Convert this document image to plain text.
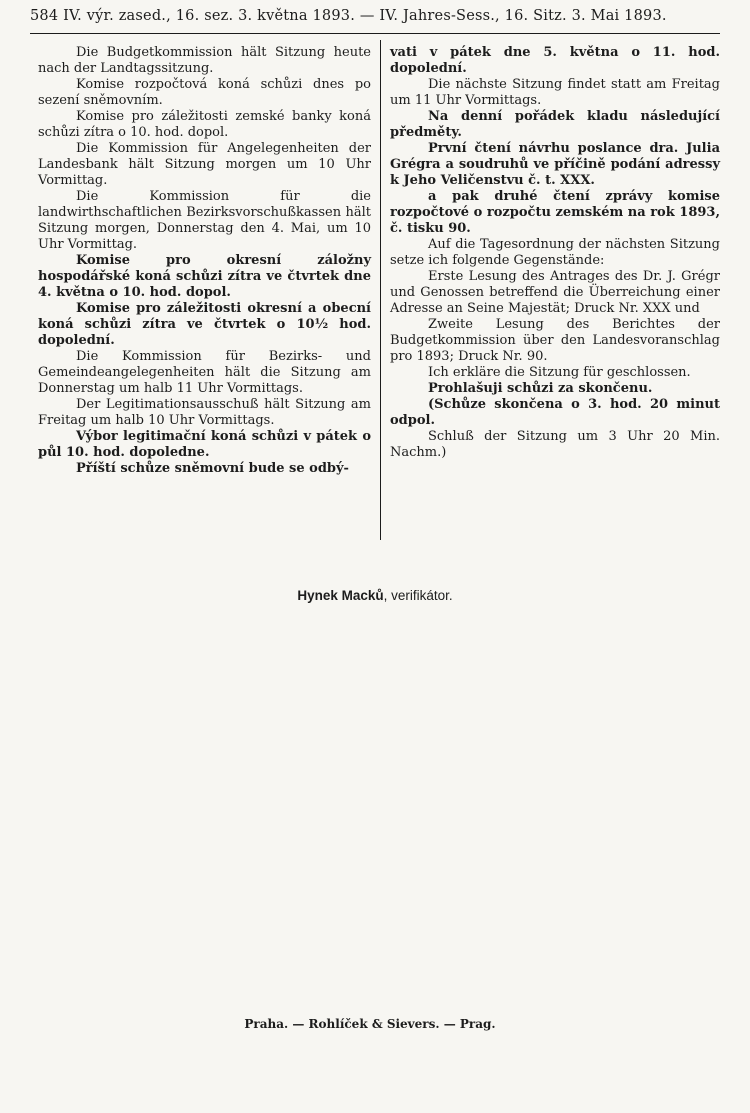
584 IV. výr. zased., 16. sez. 3. května 1893. — IV. Jahres-Sess., 16. Sitz. 3. Mai 1893.

Die Budgetkommission hält Sitzung heute nach der Landtagssitzung.

Komise rozpočtová koná schůzi dnes po sezení sněmovním.

Komise pro záležitosti zemské banky koná schůzi zítra o 10. hod. dopol.

Die Kommission für Angelegenheiten der Landesbank hält Sitzung morgen um 10 Uhr Vormittag.

Die Kommission für die landwirthschaftlichen Bezirksvorschußkassen hält Sitzung morgen, Donnerstag den 4. Mai, um 10 Uhr Vormittag.

Komise pro okresní záložny hospodářské koná schůzi zítra ve čtvrtek dne 4. května o 10. hod. dopol.

Komise pro záležitosti okresní a obecní koná schůzi zítra ve čtvrtek o 10½ hod. dopolední.

Die Kommission für Bezirks- und Gemeindeangelegenheiten hält die Sitzung am Donnerstag um halb 11 Uhr Vormittags.

Der Legitimationsausschuß hält Sitzung am Freitag um halb 10 Uhr Vormittags.

Výbor legitimační koná schůzi v pátek o půl 10. hod. dopoledne.

Příští schůze sněmovní bude se odbý-

vati v pátek dne 5. května o 11. hod. dopolední.

Die nächste Sitzung findet statt am Freitag um 11 Uhr Vormittags.

Na denní pořádek kladu následující předměty.

První čtení návrhu poslance dra. Julia Grégra a soudruhů ve příčině podání adressy k Jeho Veličenstvu č. t. XXX.

a pak druhé čtení zprávy komise rozpočtové o rozpočtu zemském na rok 1893, č. tisku 90.

Auf die Tagesordnung der nächsten Sitzung setze ich folgende Gegenstände:

Erste Lesung des Antrages des Dr. J. Grégr und Genossen betreffend die Überreichung einer Adresse an Seine Majestät; Druck Nr. XXX und

Zweite Lesung des Berichtes der Budgetkommission über den Landesvoranschlag pro 1893; Druck Nr. 90.

Ich erkläre die Sitzung für geschlossen.

Prohlašuji schůzi za skončenu.

(Schůze skončena o 3. hod. 20 minut odpol.

Schluß der Sitzung um 3 Uhr 20 Min. Nachm.)

Hynek Macků, verifikátor.
Praha. — Rohlíček & Sievers. — Prag.
